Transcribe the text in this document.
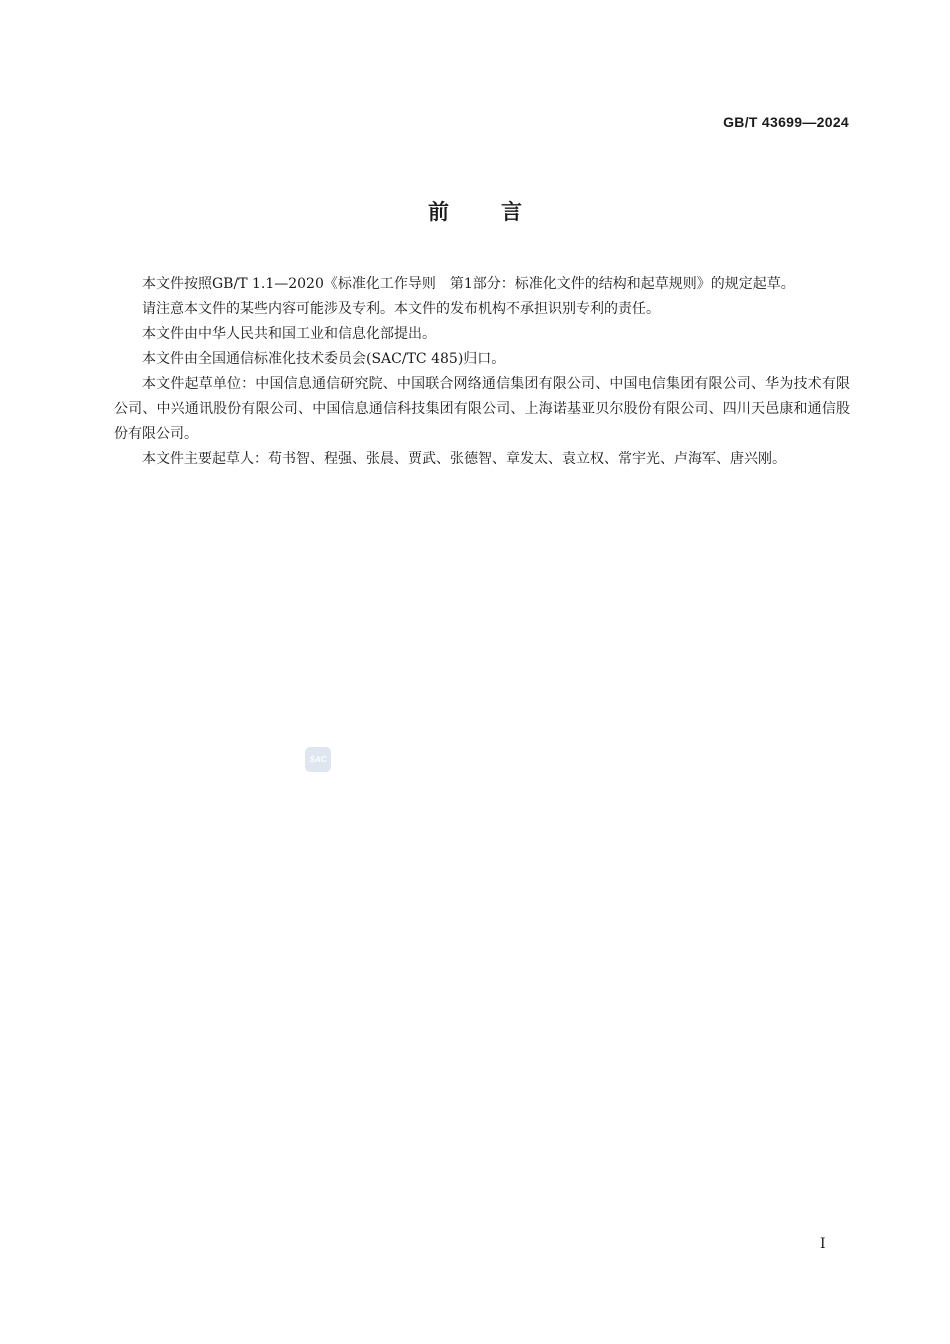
GB/T 43699—2024
前言

本文件按照GB/T 1.1—2020《标准化工作导则　第1部分：标准化文件的结构和起草规则》的规定起草。

请注意本文件的某些内容可能涉及专利。本文件的发布机构不承担识别专利的责任。

本文件由中华人民共和国工业和信息化部提出。

本文件由全国通信标准化技术委员会(SAC/TC 485)归口。

本文件起草单位：中国信息通信研究院、中国联合网络通信集团有限公司、中国电信集团有限公司、华为技术有限公司、中兴通讯股份有限公司、中国信息通信科技集团有限公司、上海诺基亚贝尔股份有限公司、四川天邑康和通信股份有限公司。

本文件主要起草人：苟书智、程强、张晨、贾武、张德智、章发太、袁立权、常宇光、卢海军、唐兴刚。

SAC
I
